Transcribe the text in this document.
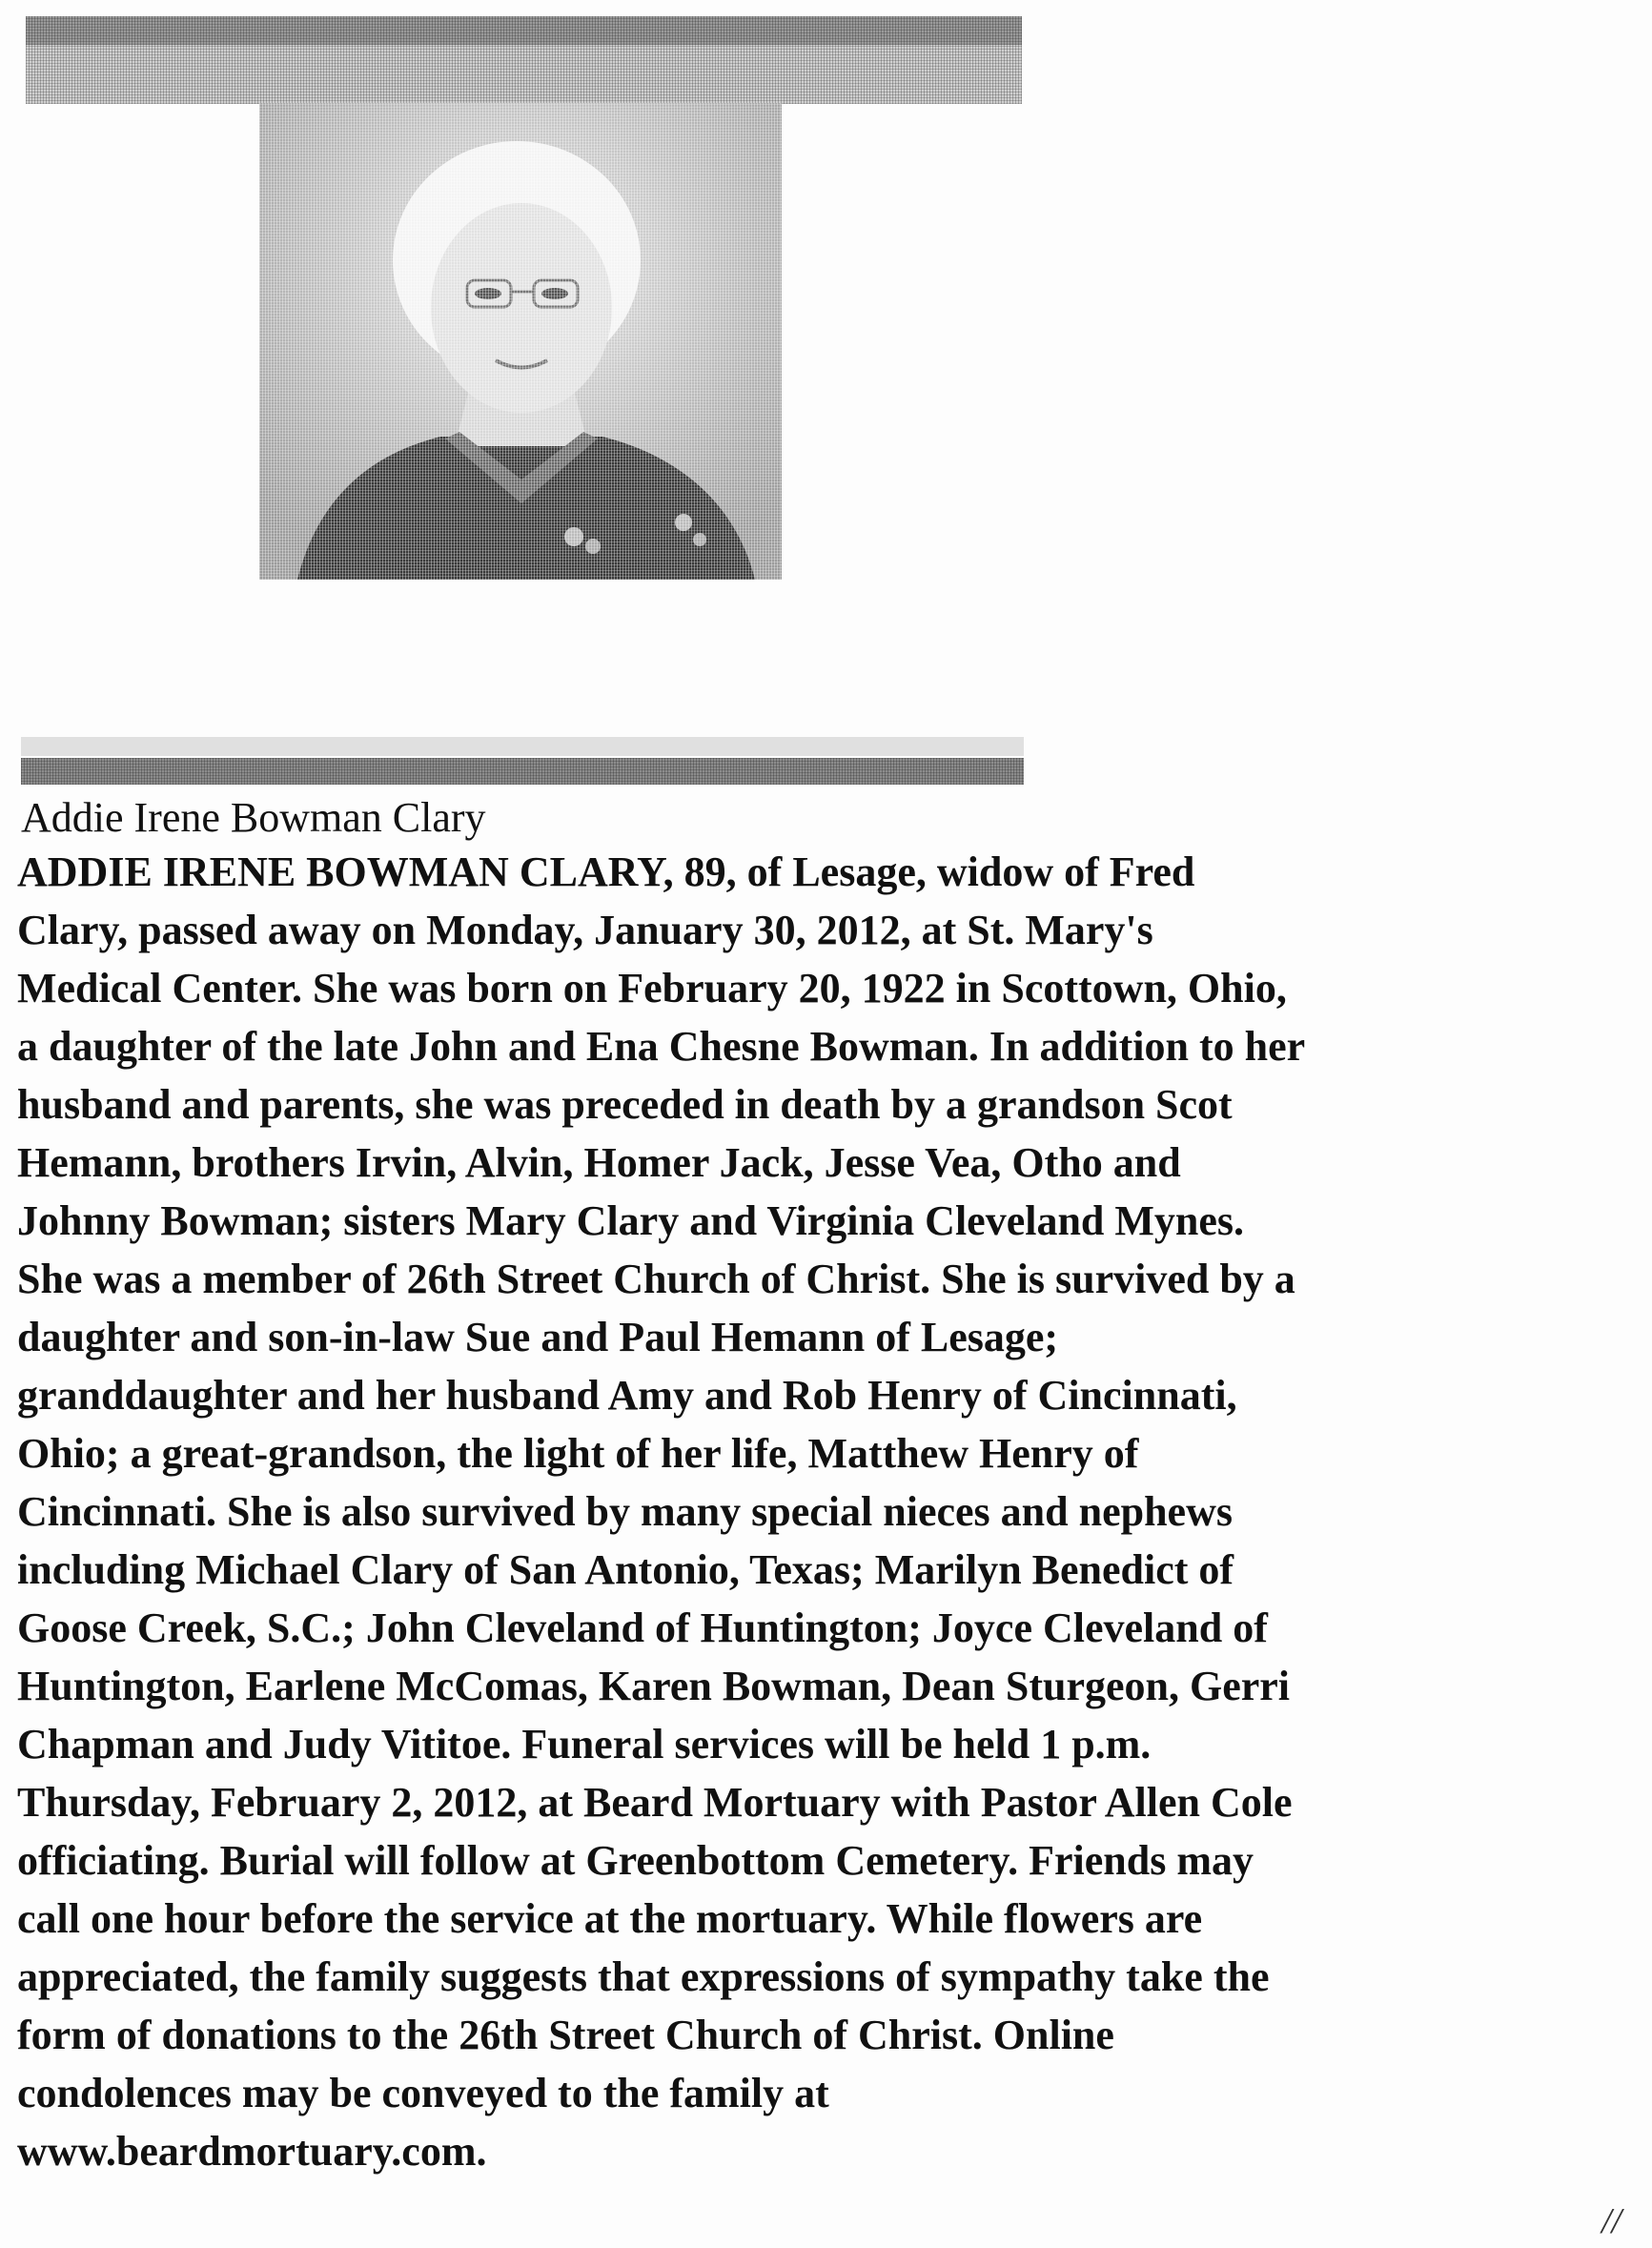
Addie Irene Bowman Clary
ADDIE IRENE BOWMAN CLARY, 89, of Lesage, widow of Fred
Clary, passed away on Monday, January 30, 2012, at St. Mary's
Medical Center. She was born on February 20, 1922 in Scottown, Ohio,
a daughter of the late John and Ena Chesne Bowman. In addition to her
husband and parents, she was preceded in death by a grandson Scot
Hemann, brothers Irvin, Alvin, Homer Jack, Jesse Vea, Otho and
Johnny Bowman; sisters Mary Clary and Virginia Cleveland Mynes.
She was a member of 26th Street Church of Christ. She is survived by a
daughter and son-in-law Sue and Paul Hemann of Lesage;
granddaughter and her husband Amy and Rob Henry of Cincinnati,
Ohio; a great-grandson, the light of her life, Matthew Henry of
Cincinnati. She is also survived by many special nieces and nephews
including Michael Clary of San Antonio, Texas; Marilyn Benedict of
Goose Creek, S.C.; John Cleveland of Huntington; Joyce Cleveland of
Huntington, Earlene McComas, Karen Bowman, Dean Sturgeon, Gerri
Chapman and Judy Vititoe. Funeral services will be held 1 p.m.
Thursday, February 2, 2012, at Beard Mortuary with Pastor Allen Cole
officiating. Burial will follow at Greenbottom Cemetery. Friends may
call one hour before the service at the mortuary. While flowers are
appreciated, the family suggests that expressions of sympathy take the
form of donations to the 26th Street Church of Christ. Online
condolences may be conveyed to the family at
www.beardmortuary.com.
//
